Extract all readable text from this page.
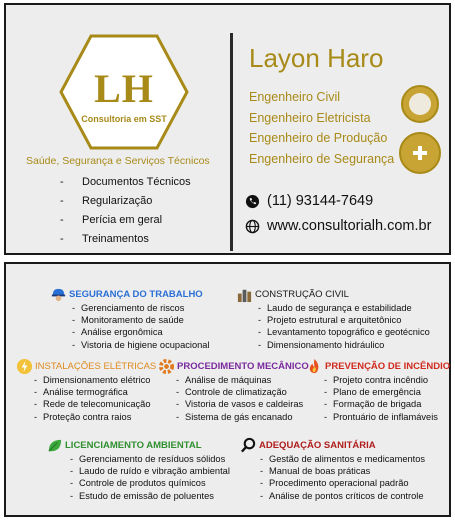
LH
Consultoria em SST
Saúde, Segurança e Serviços Técnicos
- Documentos Técnicos
- Regularização
- Perícia em geral
- Treinamentos
Layon Haro
Engenheiro Civil
Engenheiro Eletricista
Engenheiro de Produção
Engenheiro de Segurança
(11) 93144-7649
www.consultorialh.com.br
SEGURANÇA DO TRABALHO
- Gerenciamento de riscos
- Monitoramento de saúde
- Análise ergonômica
- Vistoria de higiene ocupacional
CONSTRUÇÃO CIVIL
- Laudo de segurança e estabilidade
- Projeto estrutural e arquitetônico
- Levantamento topográfico e geotécnico
- Dimensionamento hidráulico
INSTALAÇÕES ELÉTRICAS
- Dimensionamento elétrico
- Análise termográfica
- Rede de telecomunicação
- Proteção contra raios
PROCEDIMENTO MECÂNICO
- Análise de máquinas
- Controle de climatização
- Vistoria de vasos e caldeiras
- Sistema de gás encanado
PREVENÇÃO DE INCÊNDIO
- Projeto contra incêndio
- Plano de emergência
- Formação de brigada
- Prontuário de inflamáveis
LICENCIAMENTO AMBIENTAL
- Gerenciamento de resíduos sólidos
- Laudo de ruído e vibração ambiental
- Controle de produtos químicos
- Estudo de emissão de poluentes
ADEQUAÇÃO SANITÁRIA
- Gestão de alimentos e medicamentos
- Manual de boas práticas
- Procedimento operacional padrão
- Análise de pontos críticos de controle
